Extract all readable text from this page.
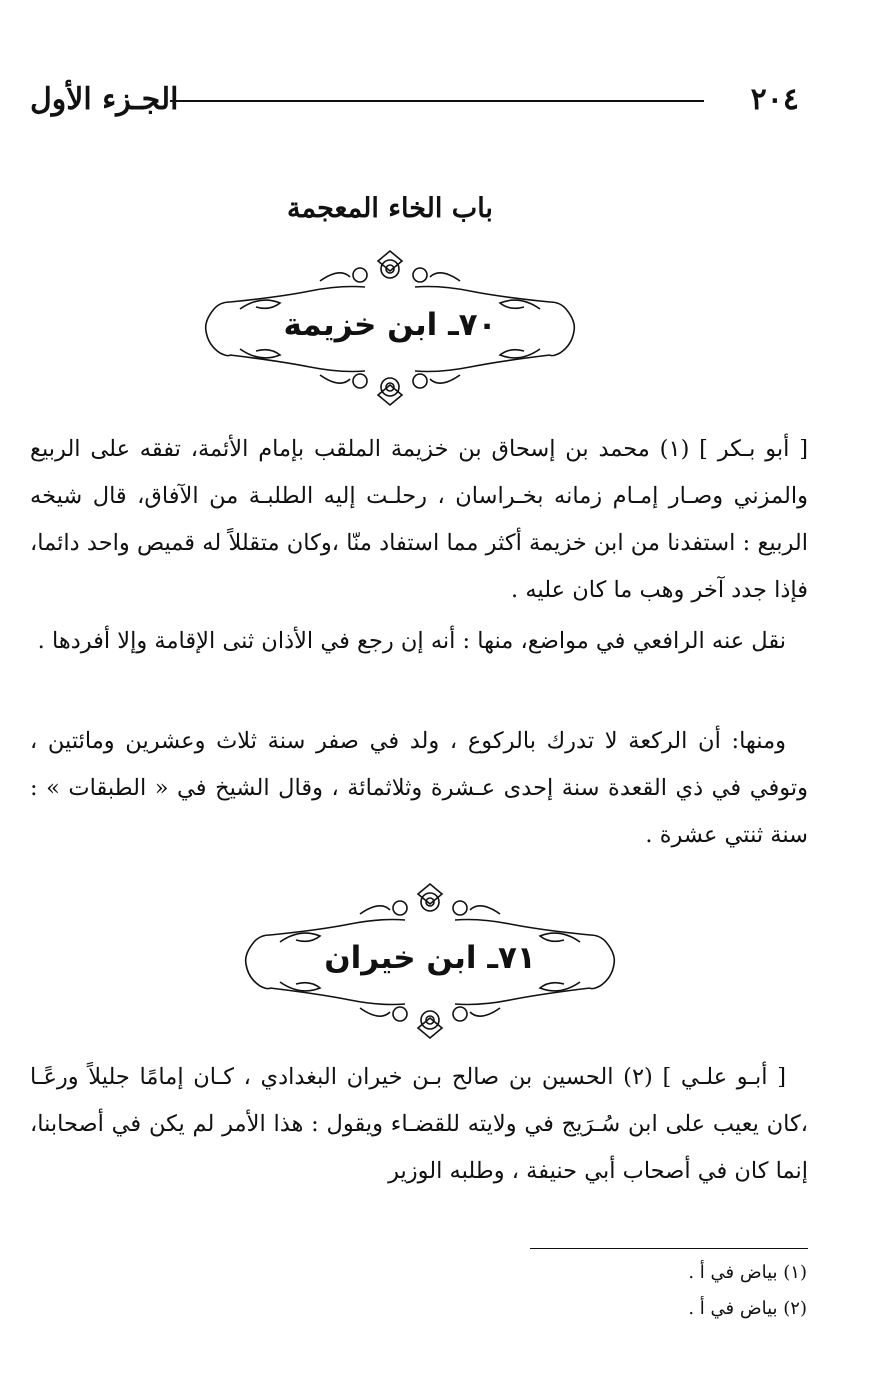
الجـزء الأول	٢٠٤
باب الخاء المعجمة
٧٠ـ ابن خزيمة
[ أبو بـكر ] (١) محمد بن إسحاق بن خزيمة الملقب بإمام الأئمة، تفقه على الربيع والمزني وصـار إمـام زمانه بخـراسان ، رحلـت إليه الطلبـة من الآفاق، قال شيخه الربيع : استفدنا من ابن خزيمة أكثر مما استفاد منّا ،وكان متقللاً له قميص واحد دائما، فإذا جدد آخر وهب ما كان عليه .
نقل عنه الرافعي في مواضع، منها : أنه إن رجع في الأذان ثنى الإقامة وإلا أفردها .
ومنها: أن الركعة لا تدرك بالركوع ، ولد في صفر سنة ثلاث وعشرين ومائتين ، وتوفي في ذي القعدة سنة إحدى عـشرة وثلاثمائة ، وقال الشيخ في « الطبقات » : سنة ثنتي عشرة .
٧١ـ ابن خيران
[ أبـو علـي ] (٢) الحسين بن صالح بـن خيران البغدادي ، كـان إمامًا جليلاً ورعًـا ،كان يعيب على ابن سُـرَيج في ولايته للقضـاء ويقول : هذا الأمر لم يكن في أصحابنا، إنما كان في أصحاب أبي حنيفة ، وطلبه الوزير
(١) بياض في أ .
(٢) بياض في أ .
